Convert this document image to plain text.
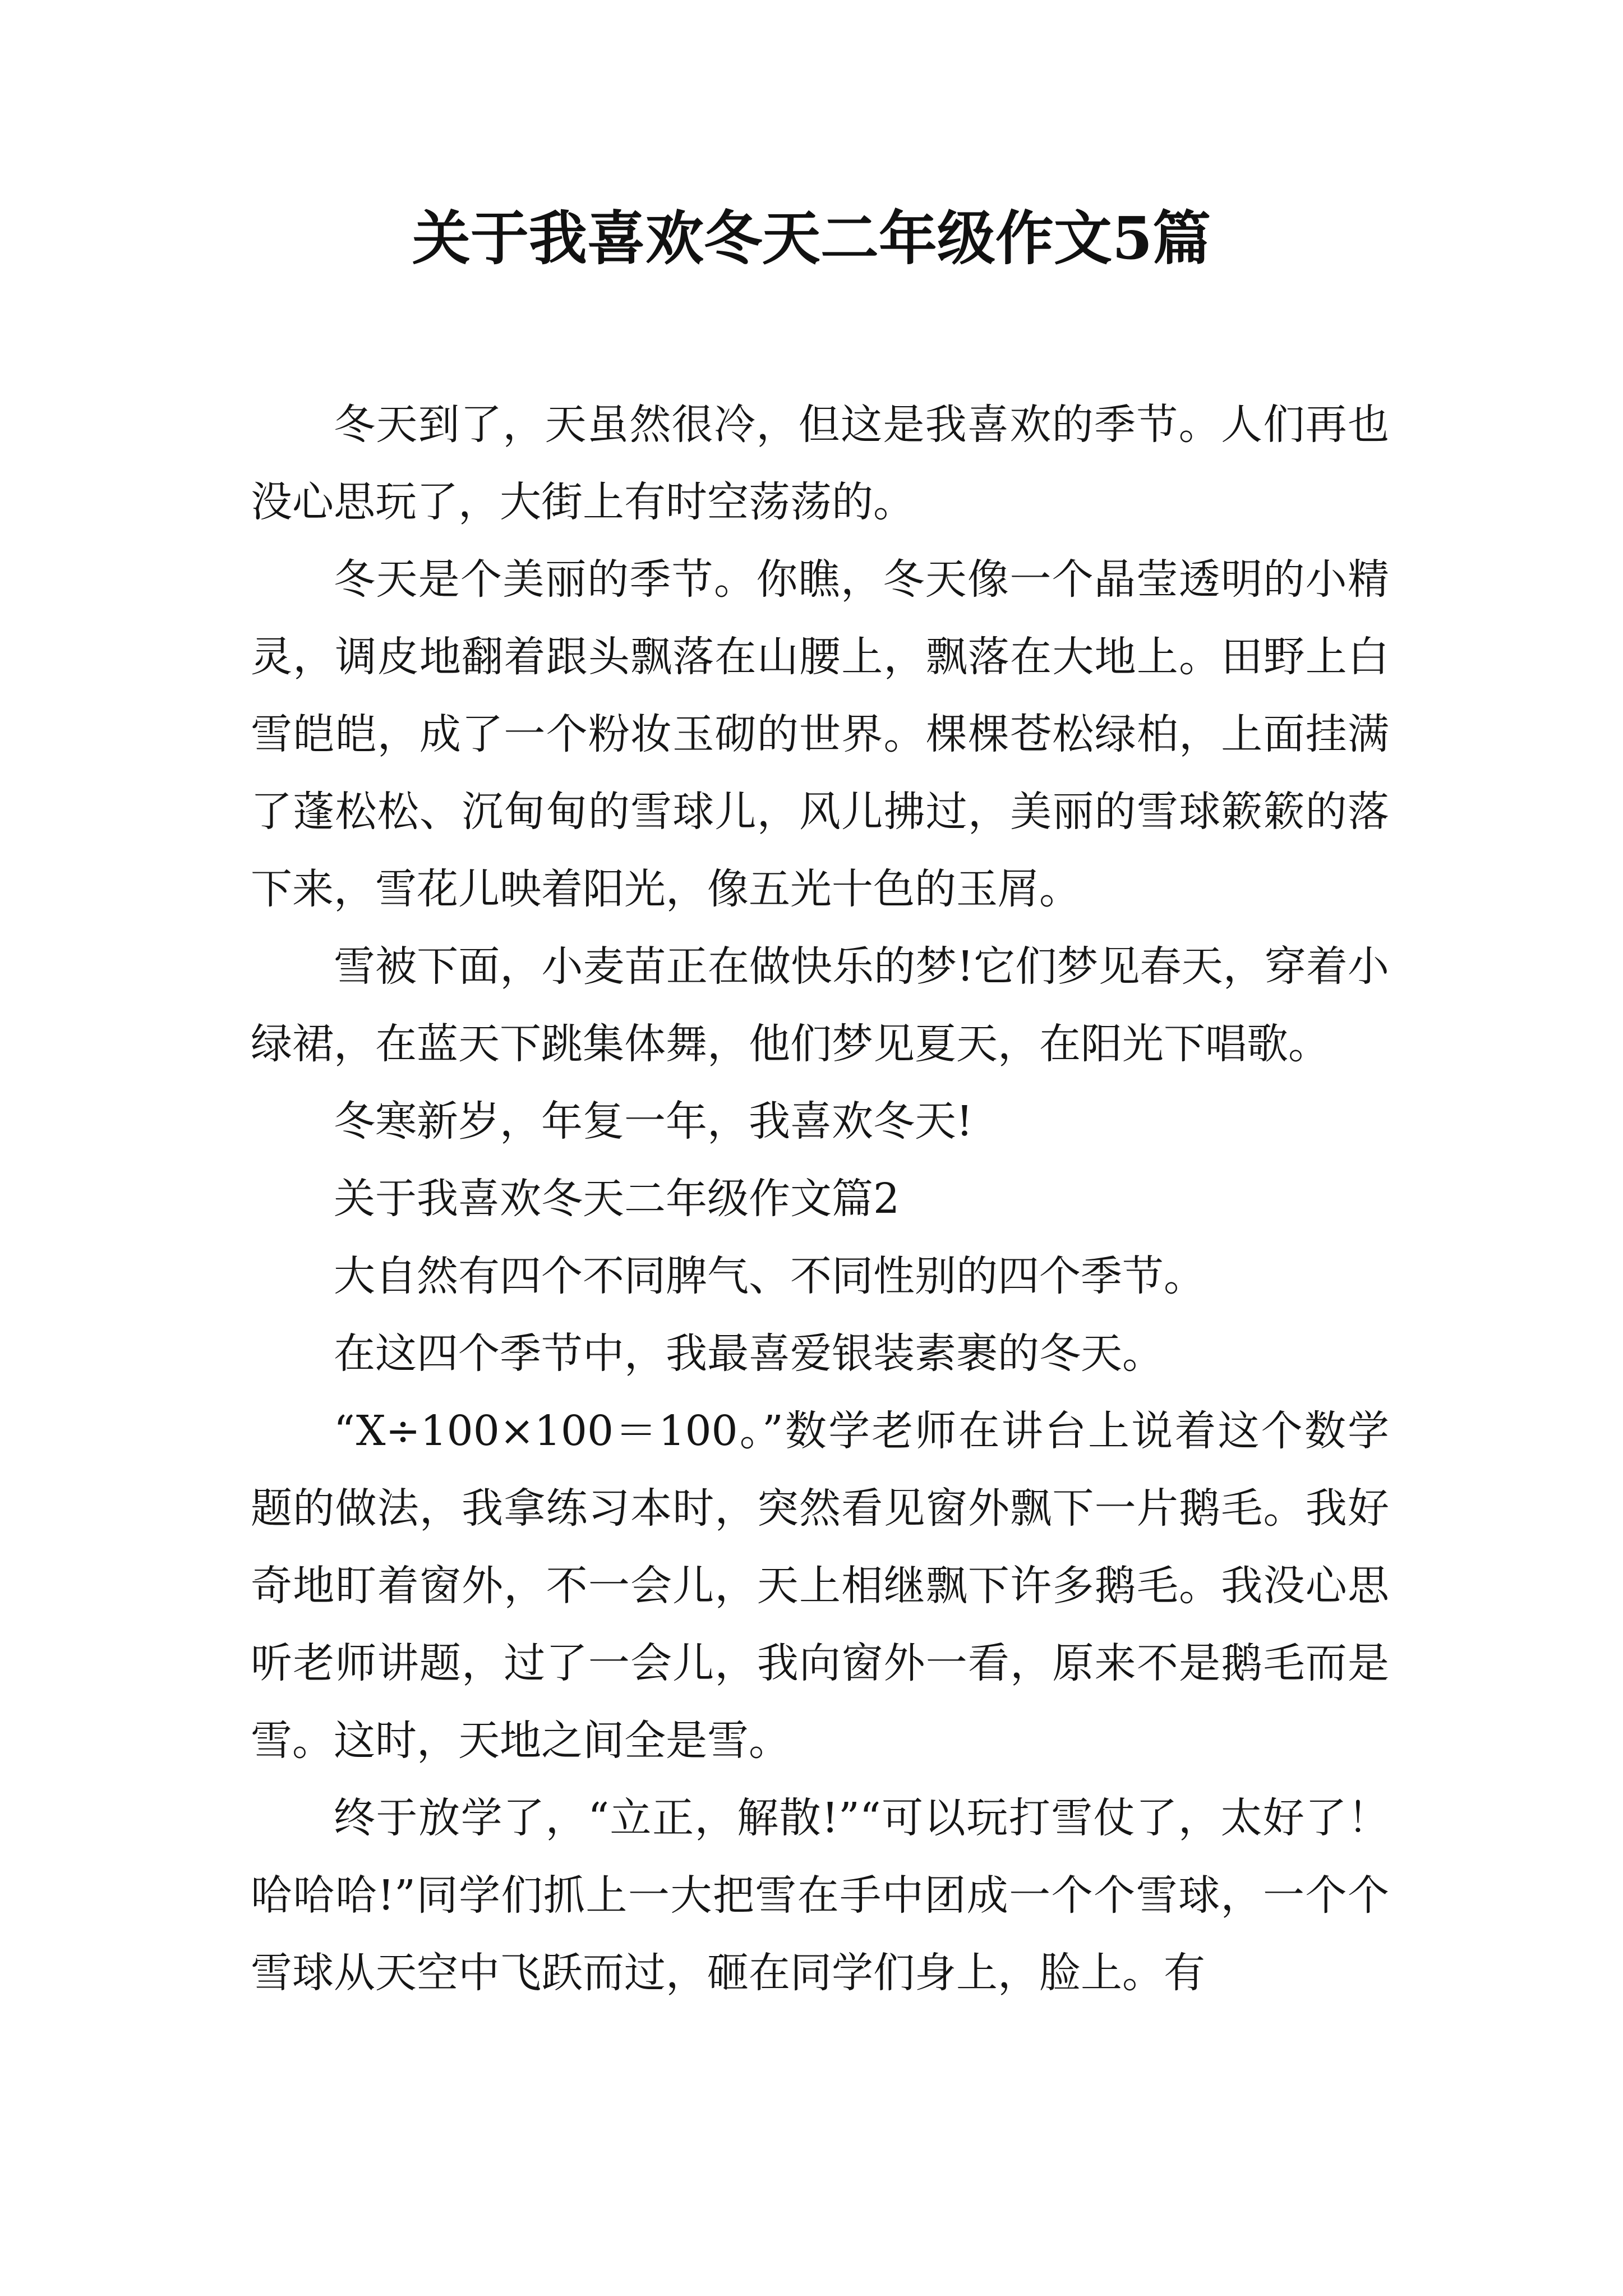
关于我喜欢冬天二年级作文5篇

冬天到了，天虽然很冷，但这是我喜欢的季节。人们再也没心思玩了，大街上有时空荡荡的。

冬天是个美丽的季节。你瞧，冬天像一个晶莹透明的小精灵，调皮地翻着跟头飘落在山腰上，飘落在大地上。田野上白雪皑皑，成了一个粉妆玉砌的世界。棵棵苍松绿柏，上面挂满了蓬松松、沉甸甸的雪球儿，风儿拂过，美丽的雪球簌簌的落下来，雪花儿映着阳光，像五光十色的玉屑。

雪被下面，小麦苗正在做快乐的梦!它们梦见春天，穿着小绿裙，在蓝天下跳集体舞，他们梦见夏天，在阳光下唱歌。

冬寒新岁，年复一年，我喜欢冬天!

关于我喜欢冬天二年级作文篇2

大自然有四个不同脾气、不同性别的四个季节。

在这四个季节中，我最喜爱银装素裹的冬天。

“X÷100×100＝100。”数学老师在讲台上说着这个数学题的做法，我拿练习本时，突然看见窗外飘下一片鹅毛。我好奇地盯着窗外，不一会儿，天上相继飘下许多鹅毛。我没心思听老师讲题，过了一会儿，我向窗外一看，原来不是鹅毛而是雪。这时，天地之间全是雪。

终于放学了，“立正，解散!”“可以玩打雪仗了，太好了！哈哈哈!”同学们抓上一大把雪在手中团成一个个雪球，一个个雪球从天空中飞跃而过，砸在同学们身上，脸上。有
